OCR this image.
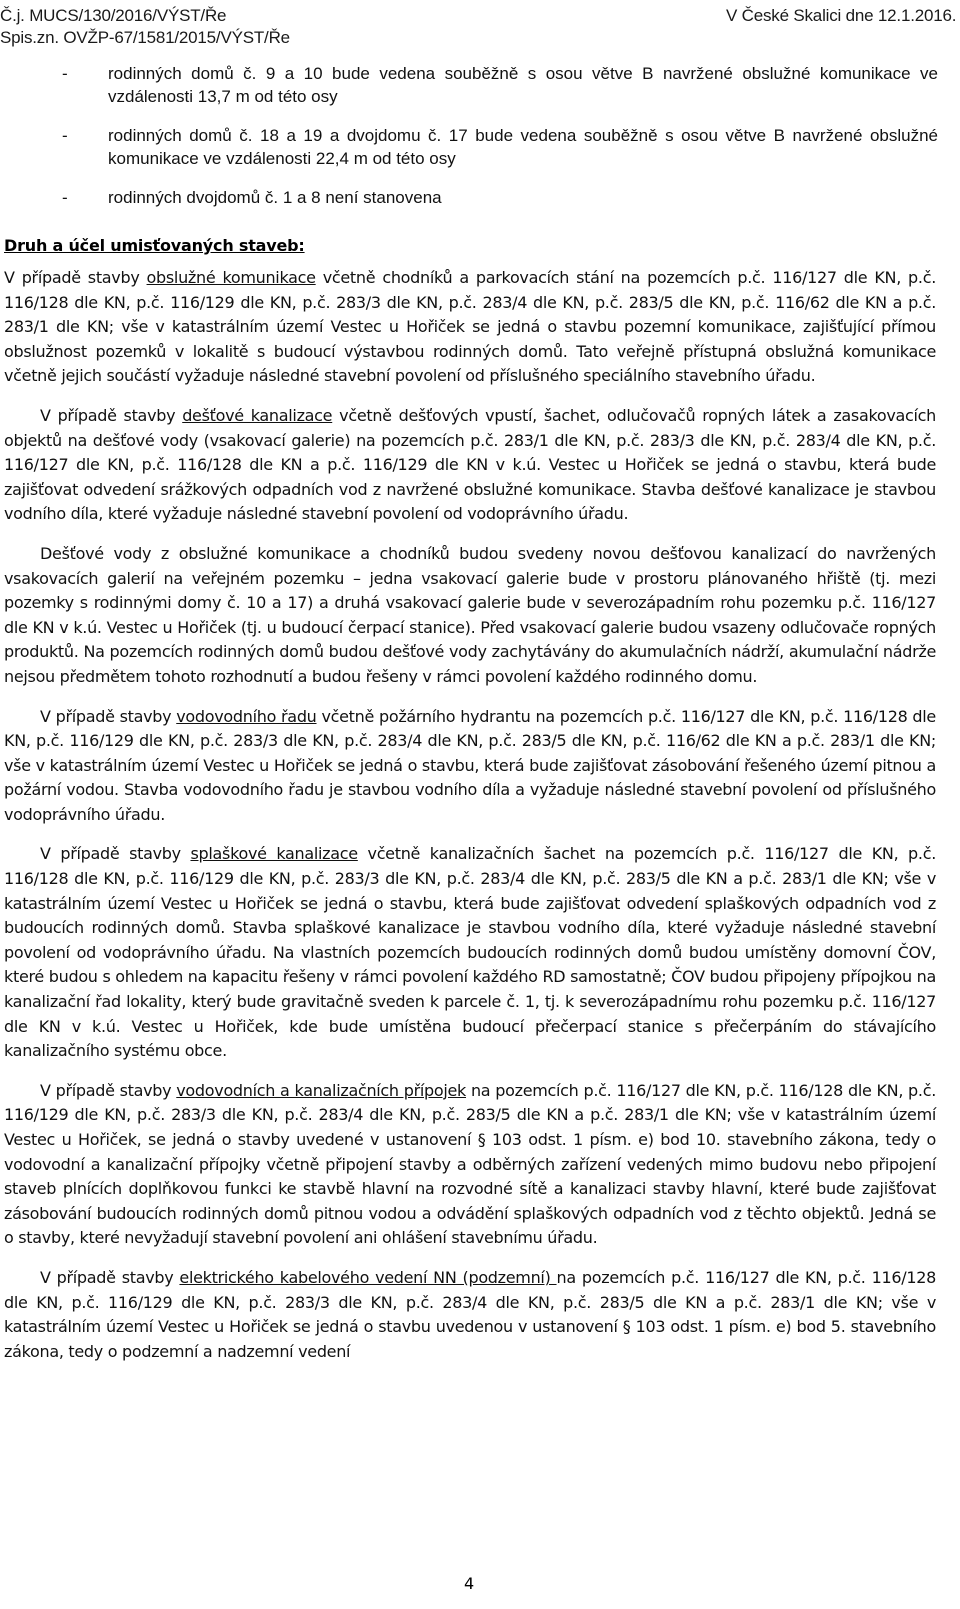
Č.j. MUCS/130/2016/VÝST/Ře
Spis.zn. OVŽP-67/1581/2015/VÝST/Ře
V České Skalici dne 12.1.2016.
-	rodinných domů č. 9 a 10 bude vedena souběžně s osou větve B navržené obslužné komunikace ve vzdálenosti 13,7 m od této osy
-	rodinných domů č. 18 a 19 a dvojdomu č. 17 bude vedena souběžně s osou větve B navržené obslužné komunikace ve vzdálenosti 22,4 m od této osy
-	rodinných dvojdomů č. 1 a 8 není stanovena
Druh a účel umisťovaných staveb:

V případě stavby obslužné komunikace včetně chodníků a parkovacích stání na pozemcích p.č. 116/127 dle KN, p.č. 116/128 dle KN, p.č. 116/129 dle KN, p.č. 283/3 dle KN, p.č. 283/4 dle KN, p.č. 283/5 dle KN, p.č. 116/62 dle KN a p.č. 283/1 dle KN; vše v katastrálním území Vestec u Hořiček se jedná o stavbu pozemní komunikace, zajišťující přímou obslužnost pozemků v lokalitě s budoucí výstavbou rodinných domů. Tato veřejně přístupná obslužná komunikace včetně jejich součástí vyžaduje následné stavební povolení od příslušného speciálního stavebního úřadu.

V případě stavby dešťové kanalizace včetně dešťových vpustí, šachet, odlučovačů ropných látek a zasakovacích objektů na dešťové vody (vsakovací galerie) na pozemcích p.č. 283/1 dle KN, p.č. 283/3 dle KN, p.č. 283/4 dle KN, p.č. 116/127 dle KN, p.č. 116/128 dle KN a p.č. 116/129 dle KN v k.ú. Vestec u Hořiček se jedná o stavbu, která bude zajišťovat odvedení srážkových odpadních vod z navržené obslužné komunikace. Stavba dešťové kanalizace je stavbou vodního díla, které vyžaduje následné stavební povolení od vodoprávního úřadu.

Dešťové vody z obslužné komunikace a chodníků budou svedeny novou dešťovou kanalizací do navržených vsakovacích galerií na veřejném pozemku – jedna vsakovací galerie bude v prostoru plánovaného hřiště (tj. mezi pozemky s rodinnými domy č. 10 a 17) a druhá vsakovací galerie bude v severozápadním rohu pozemku p.č. 116/127 dle KN v k.ú. Vestec u Hořiček (tj. u budoucí čerpací stanice). Před vsakovací galerie budou vsazeny odlučovače ropných produktů. Na pozemcích rodinných domů budou dešťové vody zachytávány do akumulačních nádrží, akumulační nádrže nejsou předmětem tohoto rozhodnutí a budou řešeny v rámci povolení každého rodinného domu.

V případě stavby vodovodního řadu včetně požárního hydrantu na pozemcích p.č. 116/127 dle KN, p.č. 116/128 dle KN, p.č. 116/129 dle KN, p.č. 283/3 dle KN, p.č. 283/4 dle KN, p.č. 283/5 dle KN, p.č. 116/62 dle KN a p.č. 283/1 dle KN; vše v katastrálním území Vestec u Hořiček se jedná o stavbu, která bude zajišťovat zásobování řešeného území pitnou a požární vodou. Stavba vodovodního řadu je stavbou vodního díla a vyžaduje následné stavební povolení od příslušného vodoprávního úřadu.

V případě stavby splaškové kanalizace včetně kanalizačních šachet na pozemcích p.č. 116/127 dle KN, p.č. 116/128 dle KN, p.č. 116/129 dle KN, p.č. 283/3 dle KN, p.č. 283/4 dle KN, p.č. 283/5 dle KN a p.č. 283/1 dle KN; vše v katastrálním území Vestec u Hořiček se jedná o stavbu, která bude zajišťovat odvedení splaškových odpadních vod z budoucích rodinných domů. Stavba splaškové kanalizace je stavbou vodního díla, které vyžaduje následné stavební povolení od vodoprávního úřadu. Na vlastních pozemcích budoucích rodinných domů budou umístěny domovní ČOV, které budou s ohledem na kapacitu řešeny v rámci povolení každého RD samostatně; ČOV budou připojeny přípojkou na kanalizační řad lokality, který bude gravitačně sveden k parcele č. 1, tj. k severozápadnímu rohu pozemku p.č. 116/127 dle KN v k.ú. Vestec u Hořiček, kde bude umístěna budoucí přečerpací stanice s přečerpáním do stávajícího kanalizačního systému obce.

V případě stavby vodovodních a kanalizačních přípojek na pozemcích p.č. 116/127 dle KN, p.č. 116/128 dle KN, p.č. 116/129 dle KN, p.č. 283/3 dle KN, p.č. 283/4 dle KN, p.č. 283/5 dle KN a p.č. 283/1 dle KN; vše v katastrálním území Vestec u Hořiček, se jedná o stavby uvedené v ustanovení § 103 odst. 1 písm. e) bod 10. stavebního zákona, tedy o vodovodní a kanalizační přípojky včetně připojení stavby a odběrných zařízení vedených mimo budovu nebo připojení staveb plnících doplňkovou funkci ke stavbě hlavní na rozvodné sítě a kanalizaci stavby hlavní, které bude zajišťovat zásobování budoucích rodinných domů pitnou vodou a odvádění splaškových odpadních vod z těchto objektů. Jedná se o stavby, které nevyžadují stavební povolení ani ohlášení stavebnímu úřadu.

V případě stavby elektrického kabelového vedení NN (podzemní) na pozemcích p.č. 116/127 dle KN, p.č. 116/128 dle KN, p.č. 116/129 dle KN, p.č. 283/3 dle KN, p.č. 283/4 dle KN, p.č. 283/5 dle KN a p.č. 283/1 dle KN; vše v katastrálním území Vestec u Hořiček se jedná o stavbu uvedenou v ustanovení § 103 odst. 1 písm. e) bod 5. stavebního zákona, tedy o podzemní a nadzemní vedení

4
